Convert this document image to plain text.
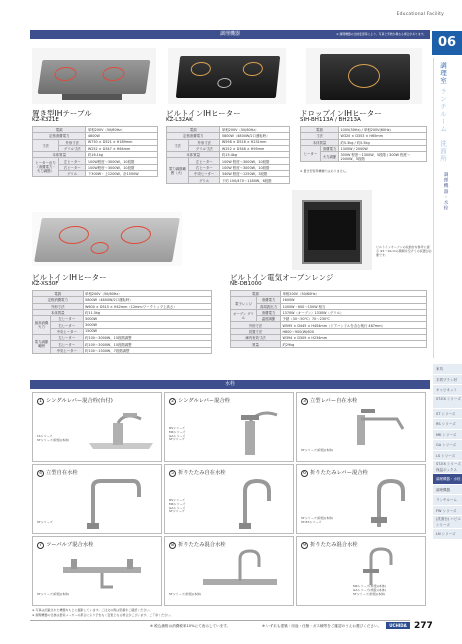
Educational Facility
06
調理室
ランチルーム
洗面所
調理機器・水栓
家具
木質プラン材
キャビネット
ST-EX シリーズ
ST シリーズ
RS シリーズ
MK シリーズ
GA シリーズ
LS シリーズ
ST-EX シリーズ 保温ボックス
調理機器・水栓
調理機器
ランチルーム
FW シリーズ
(洗面台) ハビエシリーズ
LN シリーズ
調理機器	※ 調理機器の仕様変更等により、写真と実物が異なる場合があります。
置き型IHテーブル
KZ-K321E
電源		単相200V（50/60Hz）
定格消費電力		4800W
寸法	外形寸法	W730 × D521 × H189mm
	グリル寸法	W252 × D347 × H64mm
本体質量		約16.1kg
ヒーター出力（消費電力・火力調節）	左ヒーター	100W程度～3000W、10段階
	右ヒーター	100W程度～3000W、10段階
	グリル	下300W・上1200W、計1500W
ビルトインIHヒーター
KZ-L32AK
電源		単相200V（50/60Hz）
定格消費電力		5800W（4800W/2口運転時）
寸法	外形寸法	W598 × D516 × H231mm
	グリル寸法	W252 × D348 × H95mm
本体質量		約15.4kg
電力調節範囲（火）	左ヒーター	100W 程度～3000W、10段階
	右ヒーター	100W 程度～3000W、10段階
	中央ヒーター	340W 程度～1250W、3段階
	グリル	下約 100/470～1180W、6段階
ドロップインIHヒーター
SIH-BH113A / BH213A
電源		100V(50Hz) / 単相200V(60Hz)
寸法		W320 × D353 × H65mm
本体質量		約5.3kg / 約5.5kg
ヒーター	消費電力	1300W / 2000W
	火力調節	300W 程度～1300W、5段階 / 300W 程度～2000W、5段階
※ 置き型使用機種ではありません。
ビルトインオーブンの収納台を参考に提示 ※5～10cmの隙間を空けての設置が必要です。
ビルトインIHヒーター
KZ-XS30F
電源		単相200V（50/60Hz）
定格消費電力		5800W（4800W/2口運転時）
外形寸法		W600 × D515 × H42mm（12mm:ワークトップ上高さ）
本体質量		約11.5kg
最高消費火力	左ヒーター	3000W
	右ヒーター	3000W
	中央ヒーター	1500W
電力調節範囲	左ヒーター	約100～3000W、15段階調整
	右ヒーター	約100～3000W、15段階調整
	中央ヒーター	約100～1500W、7段階調整
ビルトイン電気オーブンレンジ
NE-DB1000
電源		単相200V（50/60Hz）
電子レンジ	消費電力	1600W
	高周波出力	1000W・600～150W 相当
オーブン グリル	消費電力	1370W（オーブン）1330W（グリル）
	温度調節	予熱（30～50℃）70～230℃
外形寸法		W595 × D445 × H454mm（ドアハンドルを含む奥行 487mm）
設置寸法		H800～900(W)600
庫内有効寸法		W394 × D309 × H234mm
質量		約29kg
水栓
1 シングルレバー混合栓(台付)
LSシリーズ
STシリーズ(枠組)(本体)
2 シングルレバー混合栓
RSシリーズ
MKシリーズ
GAシリーズ
STシリーズ
3 立型レバー自在水栓
STシリーズ(枠組)(本体)
4 立型自在水栓
STシリーズ
5 折りたたみ自在水栓
RSシリーズ
MKシリーズ
GAシリーズ
STシリーズ
6 折りたたみレバー混合栓
STシリーズ(枠組)(本体)
ST-EXシリーズ
7 ツーバルブ混合水栓
STシリーズ(枠組)(本体)
8 折りたたみ混合水栓
STシリーズ(枠組)(本体)
9 折りたたみ混合水栓
MKシリーズ(枠組)(本体)
GAシリーズ(枠組)(本体)
STシリーズ(枠組)(本体)
※ 写真は記載された機器をもとに撮影しています。ご注文の際は型番をご確認ください。
※ 調理機器の仕様は製造メーカーの都合により予告なく変更となる場合がございます。ご了承ください。
※ 税込価格は消費税率10%にて表示しています。	※ いずれも建築・用途・仕様・ガス種等をご確認のうえお選びください。	UCHIDA 277
